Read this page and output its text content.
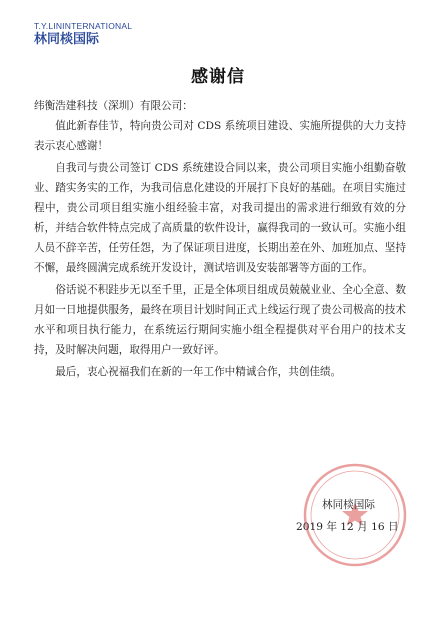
T.Y.LININTERNATIONAL
林同棪国际
感谢信
纬衡浩建科技（深圳）有限公司：

值此新春佳节，特向贵公司对 CDS 系统项目建设、实施所提供的大力支持表示衷心感谢！

自我司与贵公司签订 CDS 系统建设合同以来，贵公司项目实施小组勤奋敬业、踏实务实的工作，为我司信息化建设的开展打下良好的基础。在项目实施过程中，贵公司项目组实施小组经验丰富，对我司提出的需求进行细致有效的分析，并结合软件特点完成了高质量的软件设计，赢得我司的一致认可。实施小组人员不辞辛苦，任劳任怨，为了保证项目进度，长期出差在外、加班加点、坚持不懈，最终圆满完成系统开发设计，测试培训及安装部署等方面的工作。

俗话说不积跬步无以至千里，正是全体项目组成员兢兢业业、全心全意、数月如一日地提供服务，最终在项目计划时间正式上线运行现了贵公司极高的技术水平和项目执行能力，在系统运行期间实施小组全程提供对平台用户的技术支持，及时解决问题，取得用户一致好评。

最后，衷心祝福我们在新的一年工作中精诚合作，共创佳绩。

林同棪国际
2019 年 12 月 16 日
